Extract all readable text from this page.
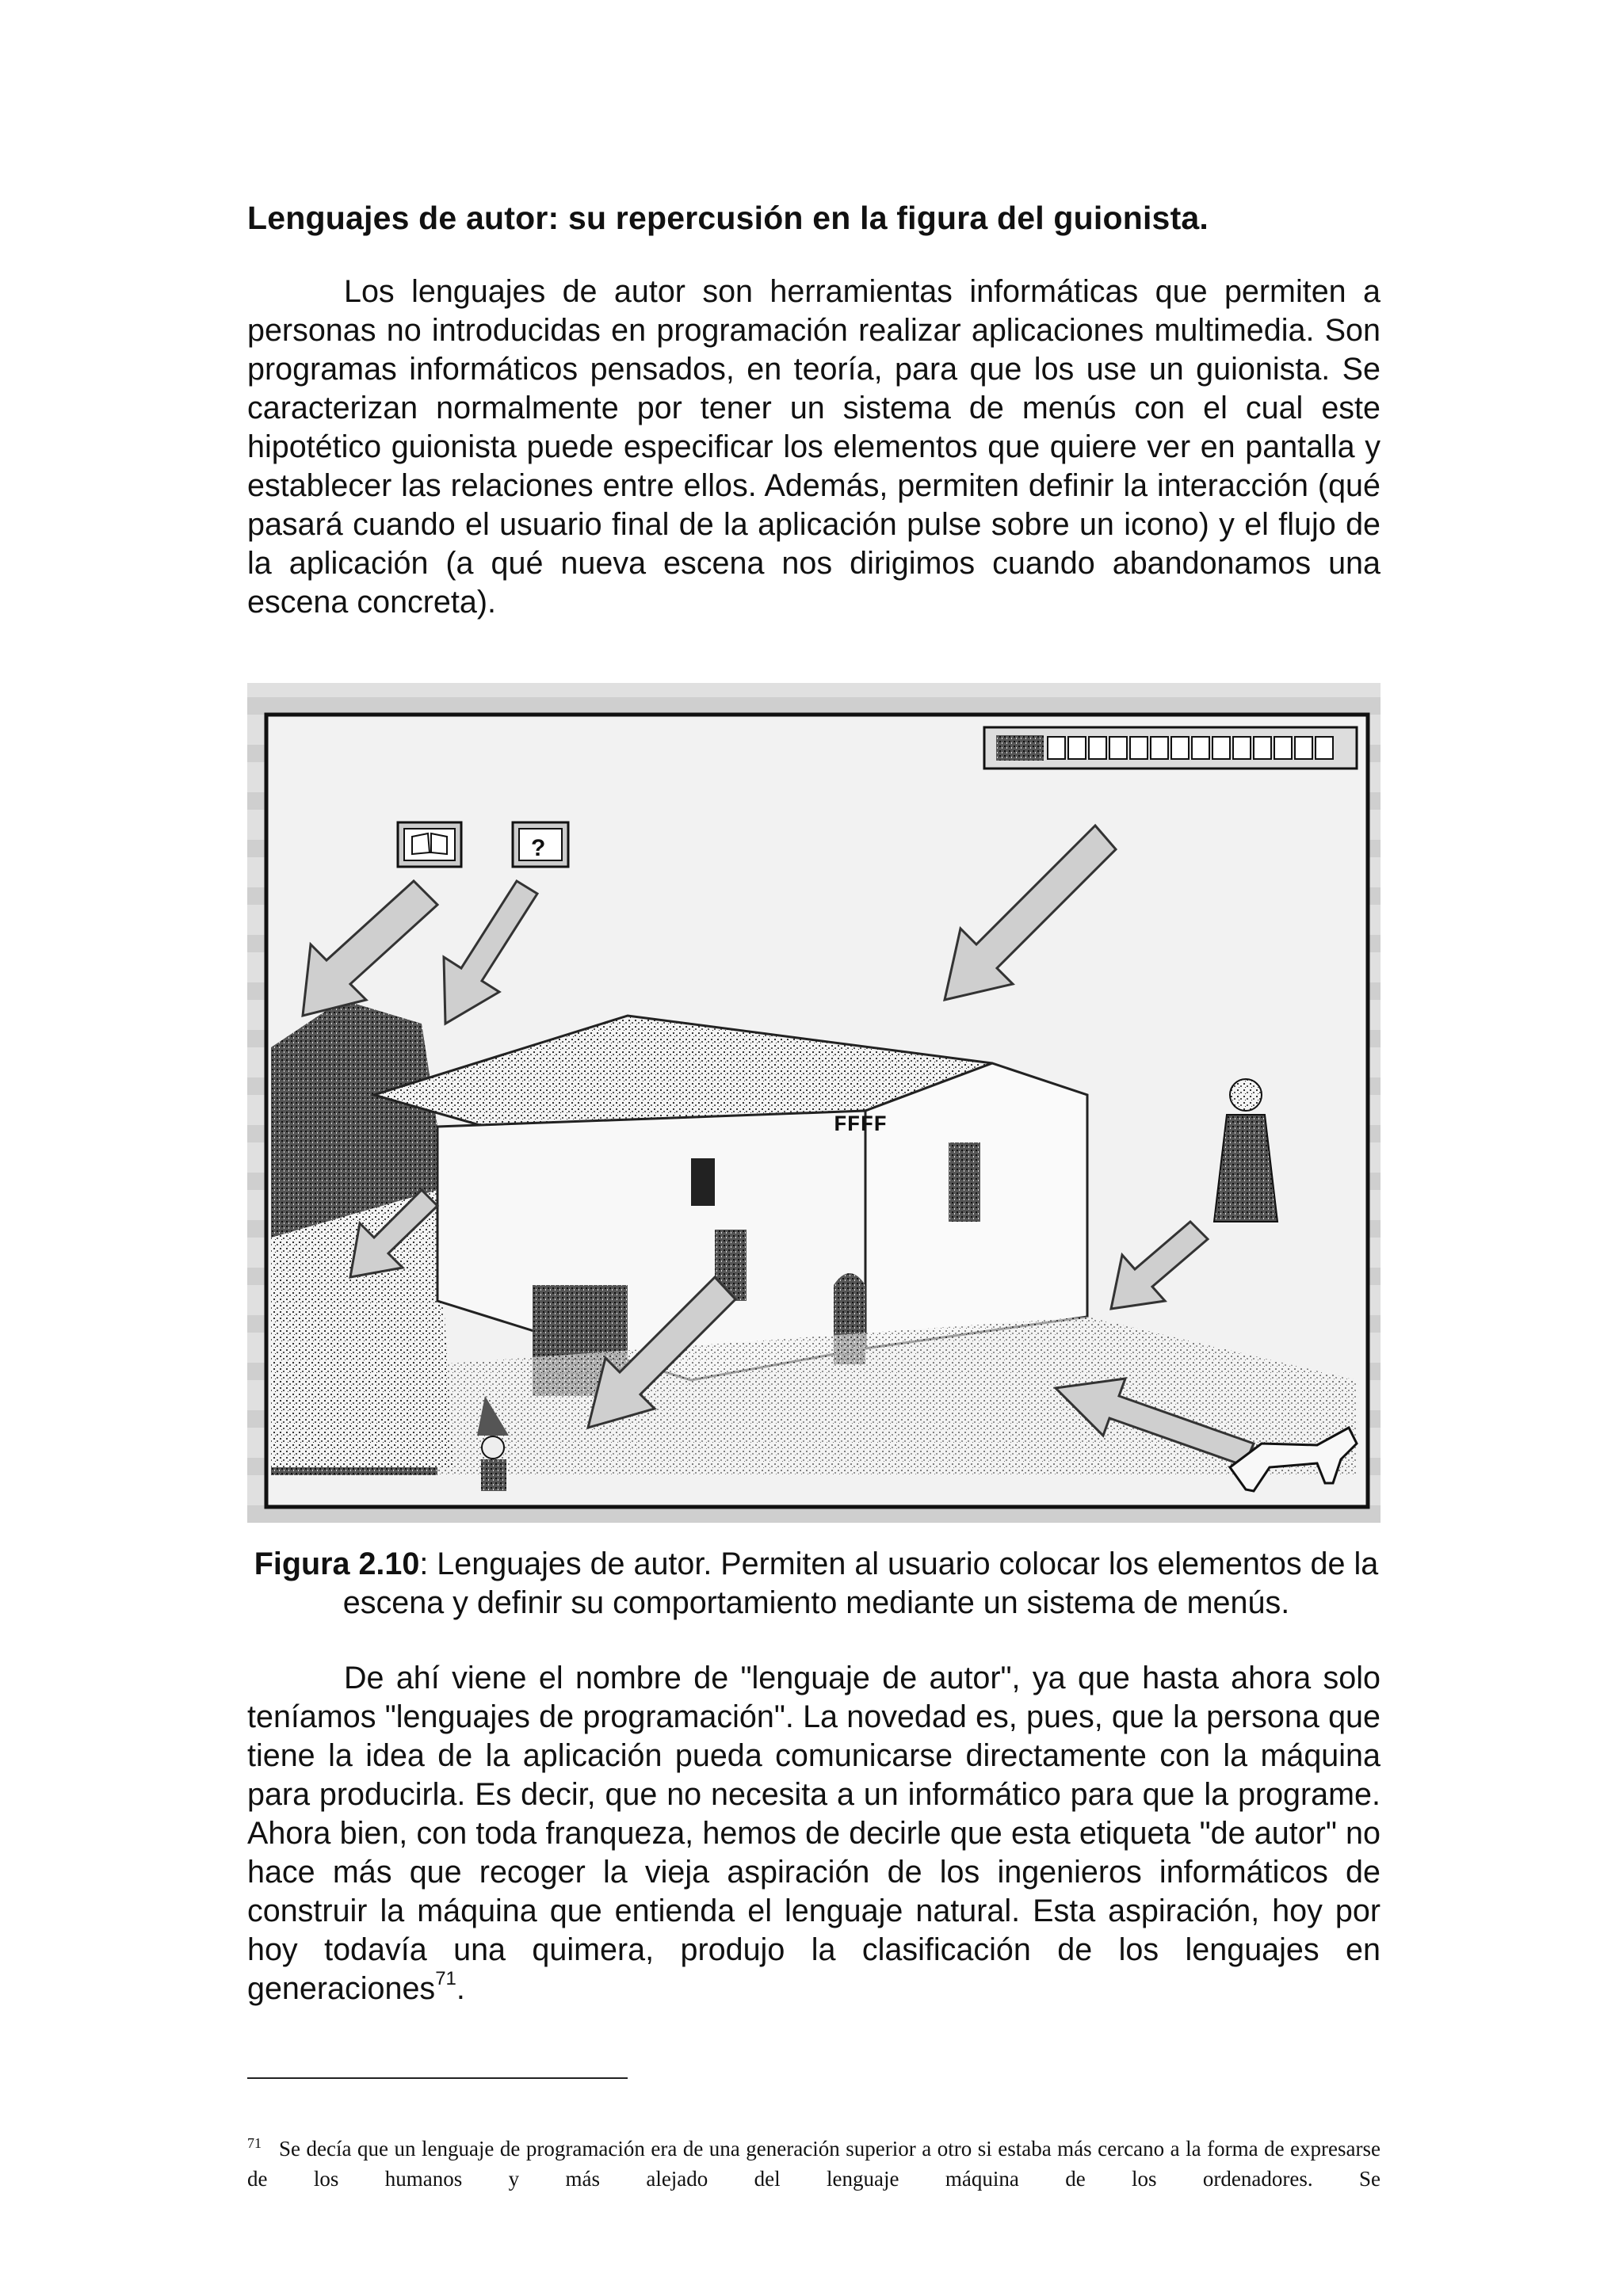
Lenguajes de autor: su repercusión en la figura del guionista.
Los lenguajes de autor son herramientas informáticas que permiten a personas no introducidas en programación realizar aplicaciones multimedia. Son programas informáticos pensados, en teoría, para que los use un guionista. Se caracterizan normalmente por tener un sistema de menús con el cual este hipotético guionista puede especificar los elementos que quiere ver en pantalla y establecer las relaciones entre ellos. Además, permiten definir la interacción (qué pasará cuando el usuario final de la aplicación pulse sobre un icono) y el flujo de la aplicación (a qué nueva escena nos dirigimos cuando abandonamos una escena concreta).
FFFF
?
Figura 2.10: Lenguajes de autor. Permiten al usuario colocar los elementos de la escena y definir su comportamiento mediante un sistema de menús.
De ahí viene el nombre de "lenguaje de autor", ya que hasta ahora solo teníamos "lenguajes de programación". La novedad es, pues, que la persona que tiene la idea de la aplicación pueda comunicarse directamente con la máquina para producirla. Es decir, que no necesita a un informático para que la programe. Ahora bien, con toda franqueza, hemos de decirle que esta etiqueta "de autor" no hace más que recoger la vieja aspiración de los ingenieros informáticos de construir la máquina que entienda el lenguaje natural. Esta aspiración, hoy por hoy todavía una quimera, produjo la clasificación de los lenguajes en generaciones$^{71}$.
$^{71}$ Se decía que un lenguaje de programación era de una generación superior a otro si estaba más cercano a la forma de expresarse de los humanos y más alejado del lenguaje máquina de los ordenadores. Se
